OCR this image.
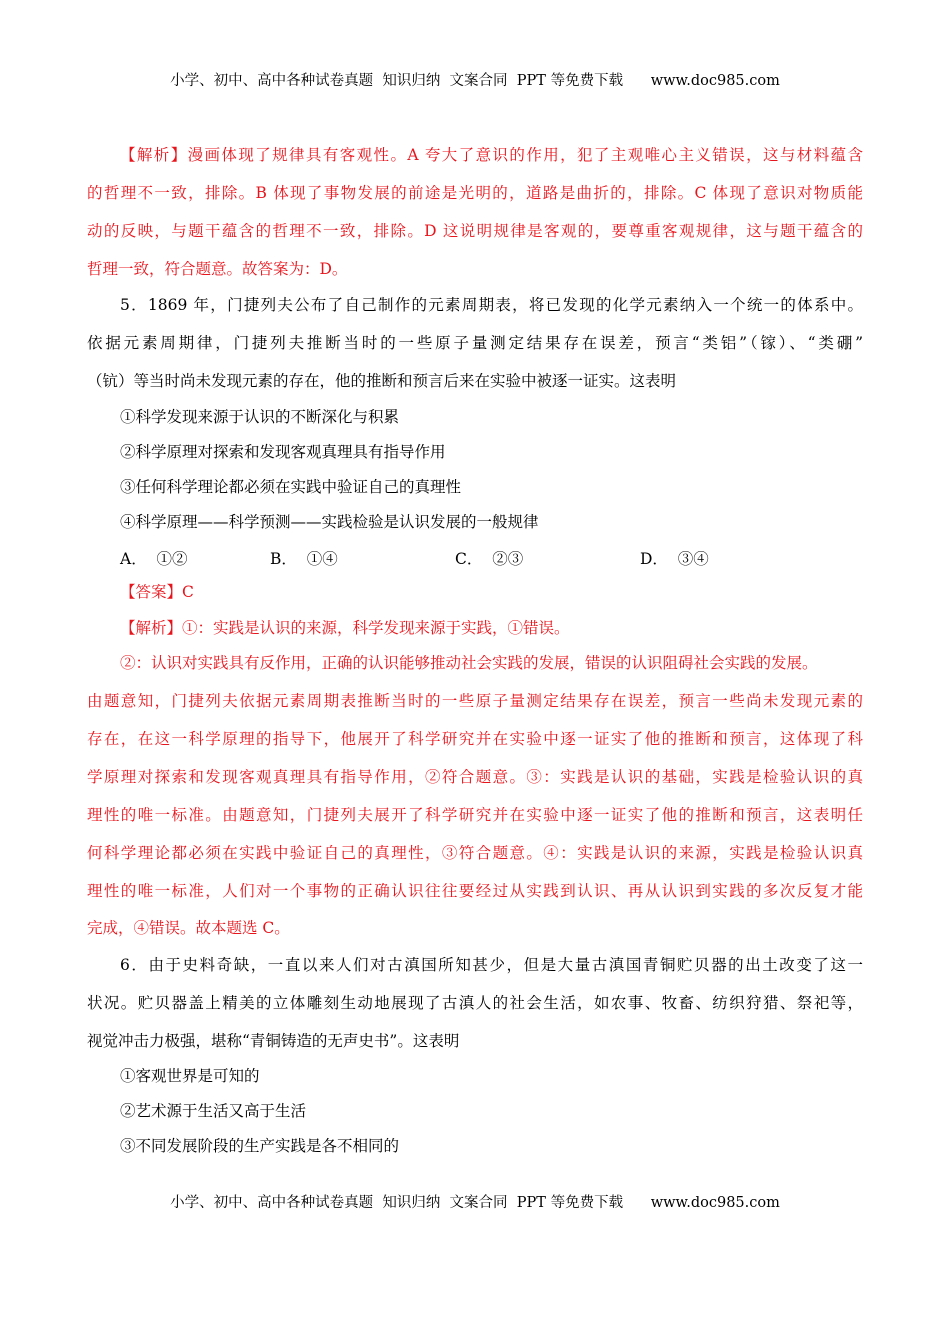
小学、初中、高中各种试卷真题  知识归纳  文案合同  PPT 等免费下载      www.doc985.com
【解析】漫画体现了规律具有客观性。A 夸大了意识的作用，犯了主观唯心主义错误，这与材料蕴含
的哲理不一致，排除。B 体现了事物发展的前途是光明的，道路是曲折的，排除。C 体现了意识对物质能
动的反映，与题干蕴含的哲理不一致，排除。D 这说明规律是客观的，要尊重客观规律，这与题干蕴含的
哲理一致，符合题意。故答案为：D。
5．1869 年，门捷列夫公布了自己制作的元素周期表，将已发现的化学元素纳入一个统一的体系中。
依据元素周期律，门捷列夫推断当时的一些原子量测定结果存在误差，预言“类铝”（镓）、“类硼”
（钪）等当时尚未发现元素的存在，他的推断和预言后来在实验中被逐一证实。这表明
①科学发现来源于认识的不断深化与积累
②科学原理对探索和发现客观真理具有指导作用
③任何科学理论都必须在实践中验证自己的真理性
④科学原理——科学预测——实践检验是认识发展的一般规律
A．  ①②	B．  ①④	C．  ②③	D．  ③④
【答案】C
【解析】①：实践是认识的来源，科学发现来源于实践，①错误。
②：认识对实践具有反作用，正确的认识能够推动社会实践的发展，错误的认识阻碍社会实践的发展。
由题意知，门捷列夫依据元素周期表推断当时的一些原子量测定结果存在误差，预言一些尚未发现元素的
存在，在这一科学原理的指导下，他展开了科学研究并在实验中逐一证实了他的推断和预言，这体现了科
学原理对探索和发现客观真理具有指导作用，②符合题意。③：实践是认识的基础，实践是检验认识的真
理性的唯一标准。由题意知，门捷列夫展开了科学研究并在实验中逐一证实了他的推断和预言，这表明任
何科学理论都必须在实践中验证自己的真理性，③符合题意。④：实践是认识的来源，实践是检验认识真
理性的唯一标准，人们对一个事物的正确认识往往要经过从实践到认识、再从认识到实践的多次反复才能
完成，④错误。故本题选 C。
6．由于史料奇缺，一直以来人们对古滇国所知甚少，但是大量古滇国青铜贮贝器的出土改变了这一
状况。贮贝器盖上精美的立体雕刻生动地展现了古滇人的社会生活，如农事、牧畜、纺织狩猎、祭祀等，
视觉冲击力极强，堪称“青铜铸造的无声史书”。这表明
①客观世界是可知的
②艺术源于生活又高于生活
③不同发展阶段的生产实践是各不相同的
小学、初中、高中各种试卷真题  知识归纳  文案合同  PPT 等免费下载      www.doc985.com
